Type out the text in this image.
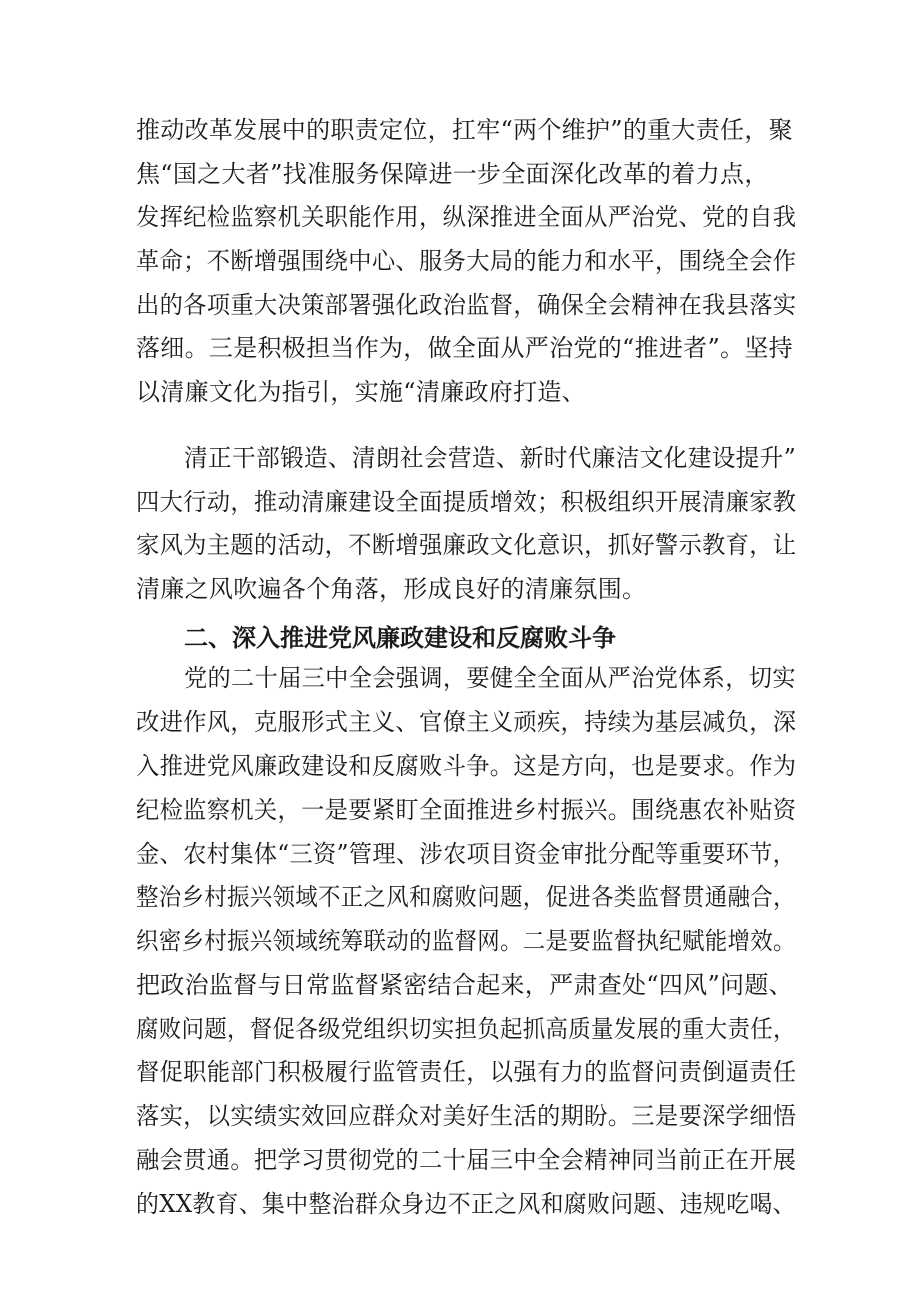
推动改革发展中的职责定位，扛牢“两个维护”的重大责任，聚
焦“国之大者”找准服务保障进一步全面深化改革的着力点，
发挥纪检监察机关职能作用，纵深推进全面从严治党、党的自我
革命；不断增强围绕中心、服务大局的能力和水平，围绕全会作
出的各项重大决策部署强化政治监督，确保全会精神在我县落实
落细。三是积极担当作为，做全面从严治党的“推进者”。坚持
以清廉文化为指引，实施“清廉政府打造、
清正干部锻造、清朗社会营造、新时代廉洁文化建设提升”
四大行动，推动清廉建设全面提质增效；积极组织开展清廉家教
家风为主题的活动，不断增强廉政文化意识，抓好警示教育，让
清廉之风吹遍各个角落，形成良好的清廉氛围。
二、深入推进党风廉政建设和反腐败斗争
党的二十届三中全会强调，要健全全面从严治党体系，切实
改进作风，克服形式主义、官僚主义顽疾，持续为基层减负，深
入推进党风廉政建设和反腐败斗争。这是方向，也是要求。作为
纪检监察机关，一是要紧盯全面推进乡村振兴。围绕惠农补贴资
金、农村集体“三资”管理、涉农项目资金审批分配等重要环节，
整治乡村振兴领域不正之风和腐败问题，促进各类监督贯通融合，
织密乡村振兴领域统筹联动的监督网。二是要监督执纪赋能增效。
把政治监督与日常监督紧密结合起来，严肃查处“四风”问题、
腐败问题，督促各级党组织切实担负起抓高质量发展的重大责任，
督促职能部门积极履行监管责任，以强有力的监督问责倒逼责任
落实，以实绩实效回应群众对美好生活的期盼。三是要深学细悟
融会贯通。把学习贯彻党的二十届三中全会精神同当前正在开展
的XX教育、集中整治群众身边不正之风和腐败问题、违规吃喝、
